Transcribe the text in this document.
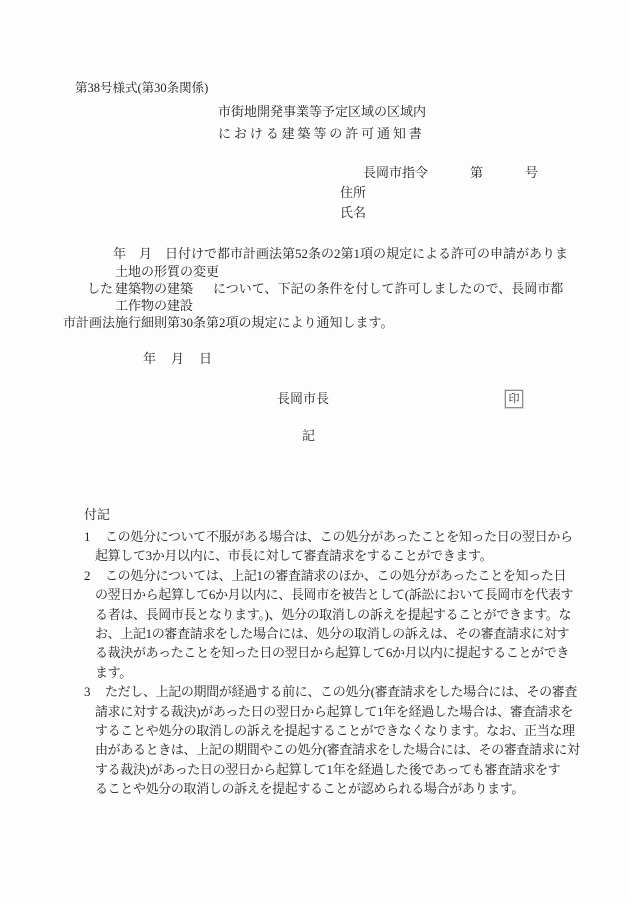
第38号様式(第30条関係)
市街地開発事業等予定区域の区域内
における建築等の許可通知書
長岡市指令	第	号
住所
氏名
年　月　日付けで都市計画法第52条の2第1項の規定による許可の申請がありま
土地の形質の変更
した 建築物の建築 について、下記の条件を付して許可しましたので、長岡市都
工作物の建設
市計画法施行細則第30条第2項の規定により通知します。
年　月　日
長岡市長	印
記
付記
1 この処分について不服がある場合は、この処分があったことを知った日の翌日から
起算して3か月以内に、市長に対して審査請求をすることができます。
2 この処分については、上記1の審査請求のほか、この処分があったことを知った日
の翌日から起算して6か月以内に、長岡市を被告として(訴訟において長岡市を代表す
る者は、長岡市長となります。)、処分の取消しの訴えを提起することができます。な
お、上記1の審査請求をした場合には、処分の取消しの訴えは、その審査請求に対す
る裁決があったことを知った日の翌日から起算して6か月以内に提起することができ
ます。
3 ただし、上記の期間が経過する前に、この処分(審査請求をした場合には、その審査
請求に対する裁決)があった日の翌日から起算して1年を経過した場合は、審査請求を
することや処分の取消しの訴えを提起することができなくなります。なお、正当な理
由があるときは、上記の期間やこの処分(審査請求をした場合には、その審査請求に対
する裁決)があった日の翌日から起算して1年を経過した後であっても審査請求をす
ることや処分の取消しの訴えを提起することが認められる場合があります。
